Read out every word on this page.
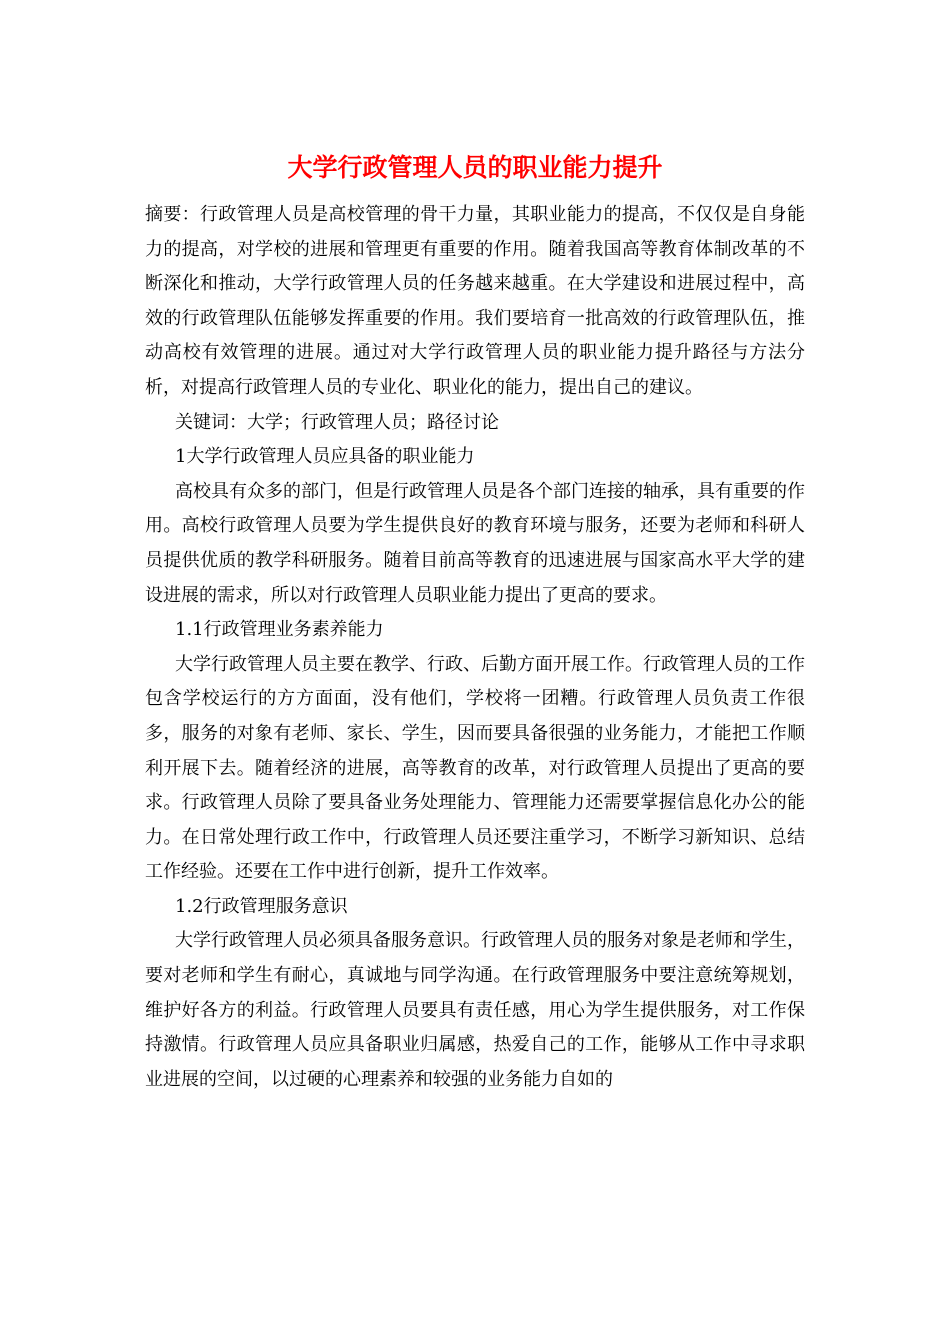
大学行政管理人员的职业能力提升

摘要：行政管理人员是高校管理的骨干力量，其职业能力的提高，不仅仅是自身能力的提高，对学校的进展和管理更有重要的作用。随着我国高等教育体制改革的不断深化和推动，大学行政管理人员的任务越来越重。在大学建设和进展过程中，高效的行政管理队伍能够发挥重要的作用。我们要培育一批高效的行政管理队伍，推动高校有效管理的进展。通过对大学行政管理人员的职业能力提升路径与方法分析，对提高行政管理人员的专业化、职业化的能力，提出自己的建议。

关键词：大学；行政管理人员；路径讨论

1大学行政管理人员应具备的职业能力

高校具有众多的部门，但是行政管理人员是各个部门连接的轴承，具有重要的作用。高校行政管理人员要为学生提供良好的教育环境与服务，还要为老师和科研人员提供优质的教学科研服务。随着目前高等教育的迅速进展与国家高水平大学的建设进展的需求，所以对行政管理人员职业能力提出了更高的要求。

1.1行政管理业务素养能力

大学行政管理人员主要在教学、行政、后勤方面开展工作。行政管理人员的工作包含学校运行的方方面面，没有他们，学校将一团糟。行政管理人员负责工作很多，服务的对象有老师、家长、学生，因而要具备很强的业务能力，才能把工作顺利开展下去。随着经济的进展，高等教育的改革，对行政管理人员提出了更高的要求。行政管理人员除了要具备业务处理能力、管理能力还需要掌握信息化办公的能力。在日常处理行政工作中，行政管理人员还要注重学习，不断学习新知识、总结工作经验。还要在工作中进行创新，提升工作效率。

1.2行政管理服务意识

大学行政管理人员必须具备服务意识。行政管理人员的服务对象是老师和学生，要对老师和学生有耐心，真诚地与同学沟通。在行政管理服务中要注意统筹规划，维护好各方的利益。行政管理人员要具有责任感，用心为学生提供服务，对工作保持激情。行政管理人员应具备职业归属感，热爱自己的工作，能够从工作中寻求职业进展的空间，以过硬的心理素养和较强的业务能力自如的
